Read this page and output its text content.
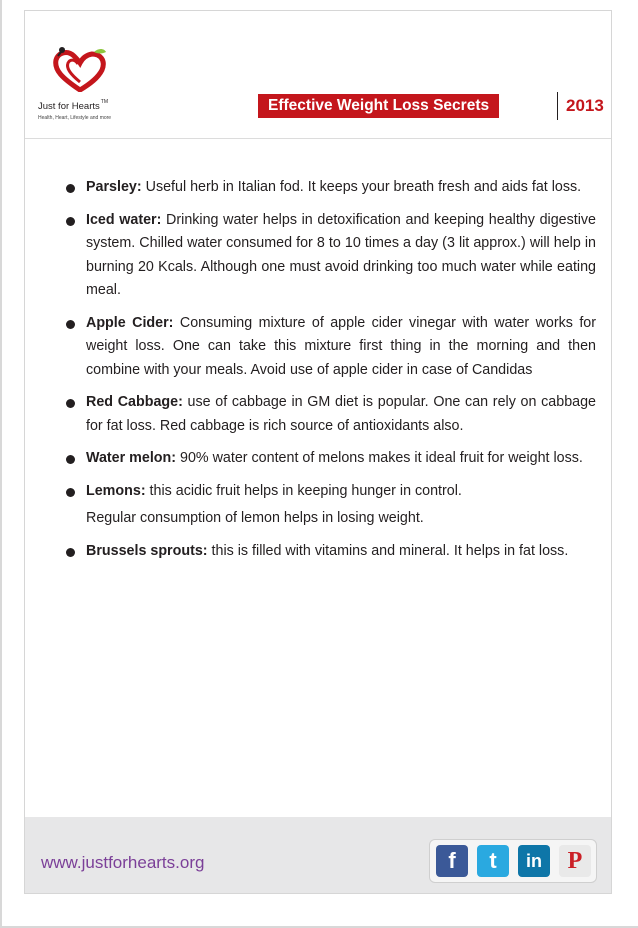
Just for Hearts™
Health, Heart, Lifestyle and more
Effective Weight Loss Secrets	2013
Parsley: Useful herb in Italian fod. It keeps your breath fresh and aids fat loss.
Iced water: Drinking water helps in detoxification and keeping healthy digestive system. Chilled water consumed for 8 to 10 times a day (3 lit approx.) will help in burning 20 Kcals. Although one must avoid drinking too much water while eating meal.
Apple Cider: Consuming mixture of apple cider vinegar with water works for weight loss. One can take this mixture first thing in the morning and then combine with your meals. Avoid use of apple cider in case of Candidas
Red Cabbage: use of cabbage in GM diet is popular. One can rely on cabbage for fat loss. Red cabbage is rich source of antioxidants also.
Water melon: 90% water content of melons makes it ideal fruit for weight loss.
Lemons: this acidic fruit helps in keeping hunger in control.
Regular consumption of lemon helps in losing weight.
Brussels sprouts: this is filled with vitamins and mineral. It helps in fat loss.
www.justforhearts.org	f	t	in	P
